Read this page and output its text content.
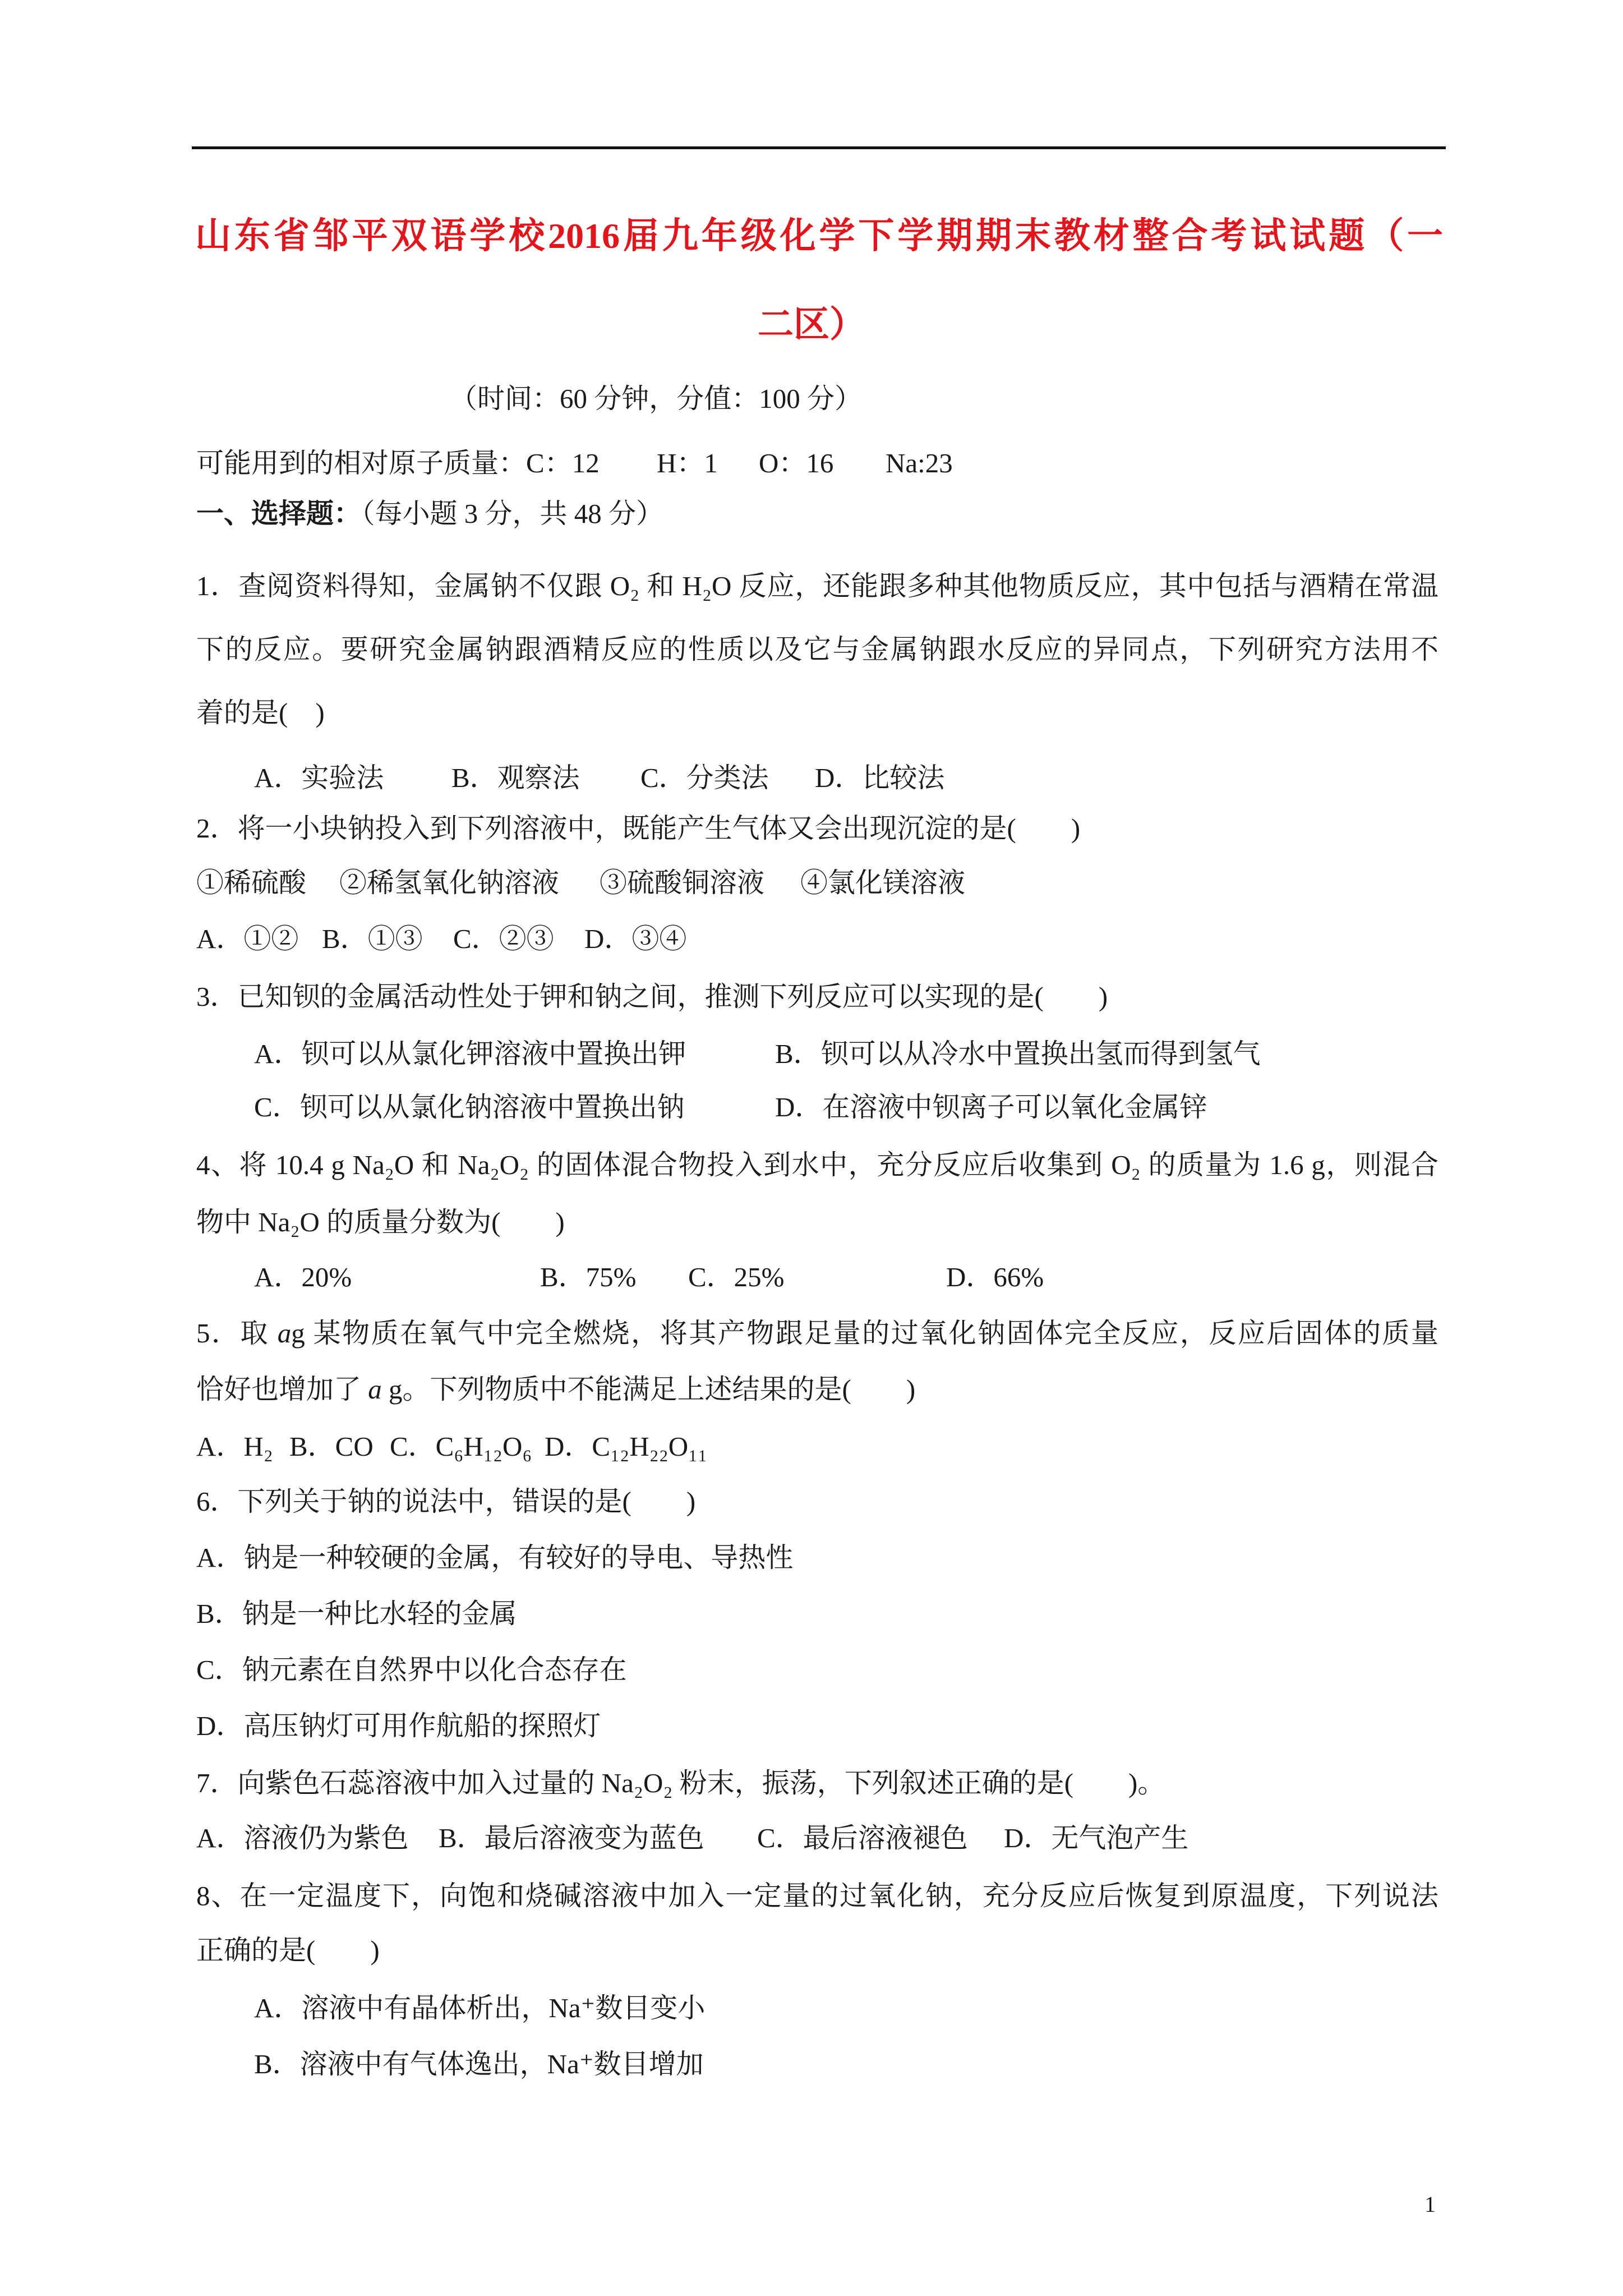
山东省邹平双语学校2016届九年级化学下学期期末教材整合考试试题（一
二区）
（时间：60 分钟，分值：100 分）
可能用到的相对原子质量：C：12 H：1 O：16 Na:23
一、选择题：（每小题 3 分，共 48 分）
1．查阅资料得知，金属钠不仅跟 O₂ 和 H₂O 反应，还能跟多种其他物质反应，其中包括与酒精在常温
下的反应。要研究金属钠跟酒精反应的性质以及它与金属钠跟水反应的异同点，下列研究方法用不
着的是(    )
A．实验法 B．观察法 C．分类法 D．比较法
2．将一小块钠投入到下列溶液中，既能产生气体又会出现沉淀的是(        )
①稀硫酸 ②稀氢氧化钠溶液 ③硫酸铜溶液 ④氯化镁溶液
A．①② B．①③ C．②③ D．③④
3．已知钡的金属活动性处于钾和钠之间，推测下列反应可以实现的是(        )
A．钡可以从氯化钾溶液中置换出钾	B．钡可以从冷水中置换出氢而得到氢气
C．钡可以从氯化钠溶液中置换出钠	D．在溶液中钡离子可以氧化金属锌
4、将 10.4 g Na₂O 和 Na₂O₂ 的固体混合物投入到水中，充分反应后收集到 O₂ 的质量为 1.6 g，则混合
物中 Na₂O 的质量分数为(        )
A．20%	B．75% C．25%	D．66%
5．取 ag 某物质在氧气中完全燃烧，将其产物跟足量的过氧化钠固体完全反应，反应后固体的质量
恰好也增加了 a g。下列物质中不能满足上述结果的是(        )
A．H₂ B．CO C．C₆H₁₂O₆ D．C₁₂H₂₂O₁₁
6．下列关于钠的说法中，错误的是(        )
A．钠是一种较硬的金属，有较好的导电、导热性
B．钠是一种比水轻的金属
C．钠元素在自然界中以化合态存在
D．高压钠灯可用作航船的探照灯
7．向紫色石蕊溶液中加入过量的 Na₂O₂ 粉末，振荡，下列叙述正确的是(        )。
A．溶液仍为紫色 B．最后溶液变为蓝色 C．最后溶液褪色 D．无气泡产生
8、在一定温度下，向饱和烧碱溶液中加入一定量的过氧化钠，充分反应后恢复到原温度，下列说法
正确的是(        )
A．溶液中有晶体析出，Na⁺数目变小
B．溶液中有气体逸出，Na⁺数目增加
1
